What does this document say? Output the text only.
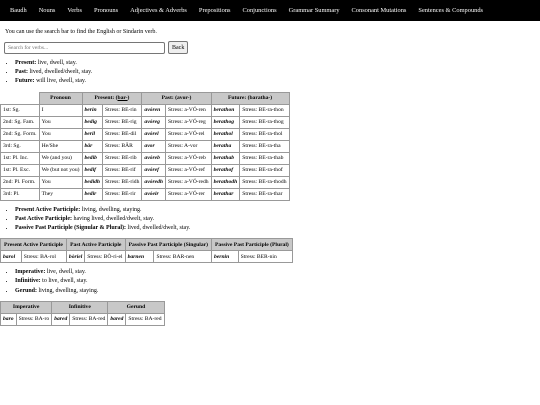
Baudh	Nouns	Verbs	Pronouns	Adjectives & Adverbs	Prepositions	Conjunctions	Grammar Summary	Consonant Mutations	Sentences & Compounds
You can use the search bar to find the English or Sindarin verb.
Search for verbs...
Back
• Present: live, dwell, stay.
• Past: lived, dwelled/dwelt, stay.
• Future: will live, dwell, stay.
	Pronoun	Present: (bar-)		Past: (avor-)		Future: (baratha-)	
1st: Sg.	I	berin	Stress: BE-rin	avóren	Stress: a-VÓ-ren	berathon	Stress: BE-ra-thon
2nd: Sg. Fam.	You	bedig	Stress: BE-rig	avóreg	Stress: a-VÓ-reg	berathog	Stress: BE-ra-thog
2nd: Sg. Form.	You	beril	Stress: BE-dil	avórel	Stress: a-VÓ-rel	berathol	Stress: BE-ra-thol
3rd: Sg.	He/She	bâr	Stress: BÂR	avor	Stress: A-vor	beratha	Stress: BE-ra-tha
1st: Pl. Inc.	We (and you)	bedib	Stress: BE-rib	avóreb	Stress: a-VÓ-reb	berathab	Stress: BE-ra-thab
1st: Pl. Exc.	We (but not you)	bedif	Stress: BE-rif	avóref	Stress: a-VÓ-ref	berathof	Stress: BE-ra-thof
2nd: Pl. Form.	You	bedidh	Stress: BE-ridh	avóredh	Stress: a-VÓ-redh	berathodh	Stress: BE-ra-thodh
3rd: Pl.	They	bedir	Stress: BE-rir	avóeir	Stress: a-VÓ-rer	berathar	Stress: BE-ra-thar
• Present Active Participle: living, dwelling, staying.
• Past Active Participle: having lived, dwelled/dwelt, stay.
• Passive Past Participle (Signular & Plural): lived, dwelled/dwelt, stay.
Present Active Participle		Past Active Participle		Passive Past Participle (Singular)		Passive Past Participle (Plural)	
barol	Stress: BA-rol	bòriel	Stress: BÒ-ri-el	barnen	Stress: BAR-nen	bernin	Stress: BER-nin
• Imperative: live, dwell, stay.
• Infinitive: to live, dwell, stay.
• Gerund: living, dwelling, staying.
Imperative		Infinitive		Gerund	
baro	Stress: BA-ro	bared	Stress: BA-red	bared	Stress: BA-red
